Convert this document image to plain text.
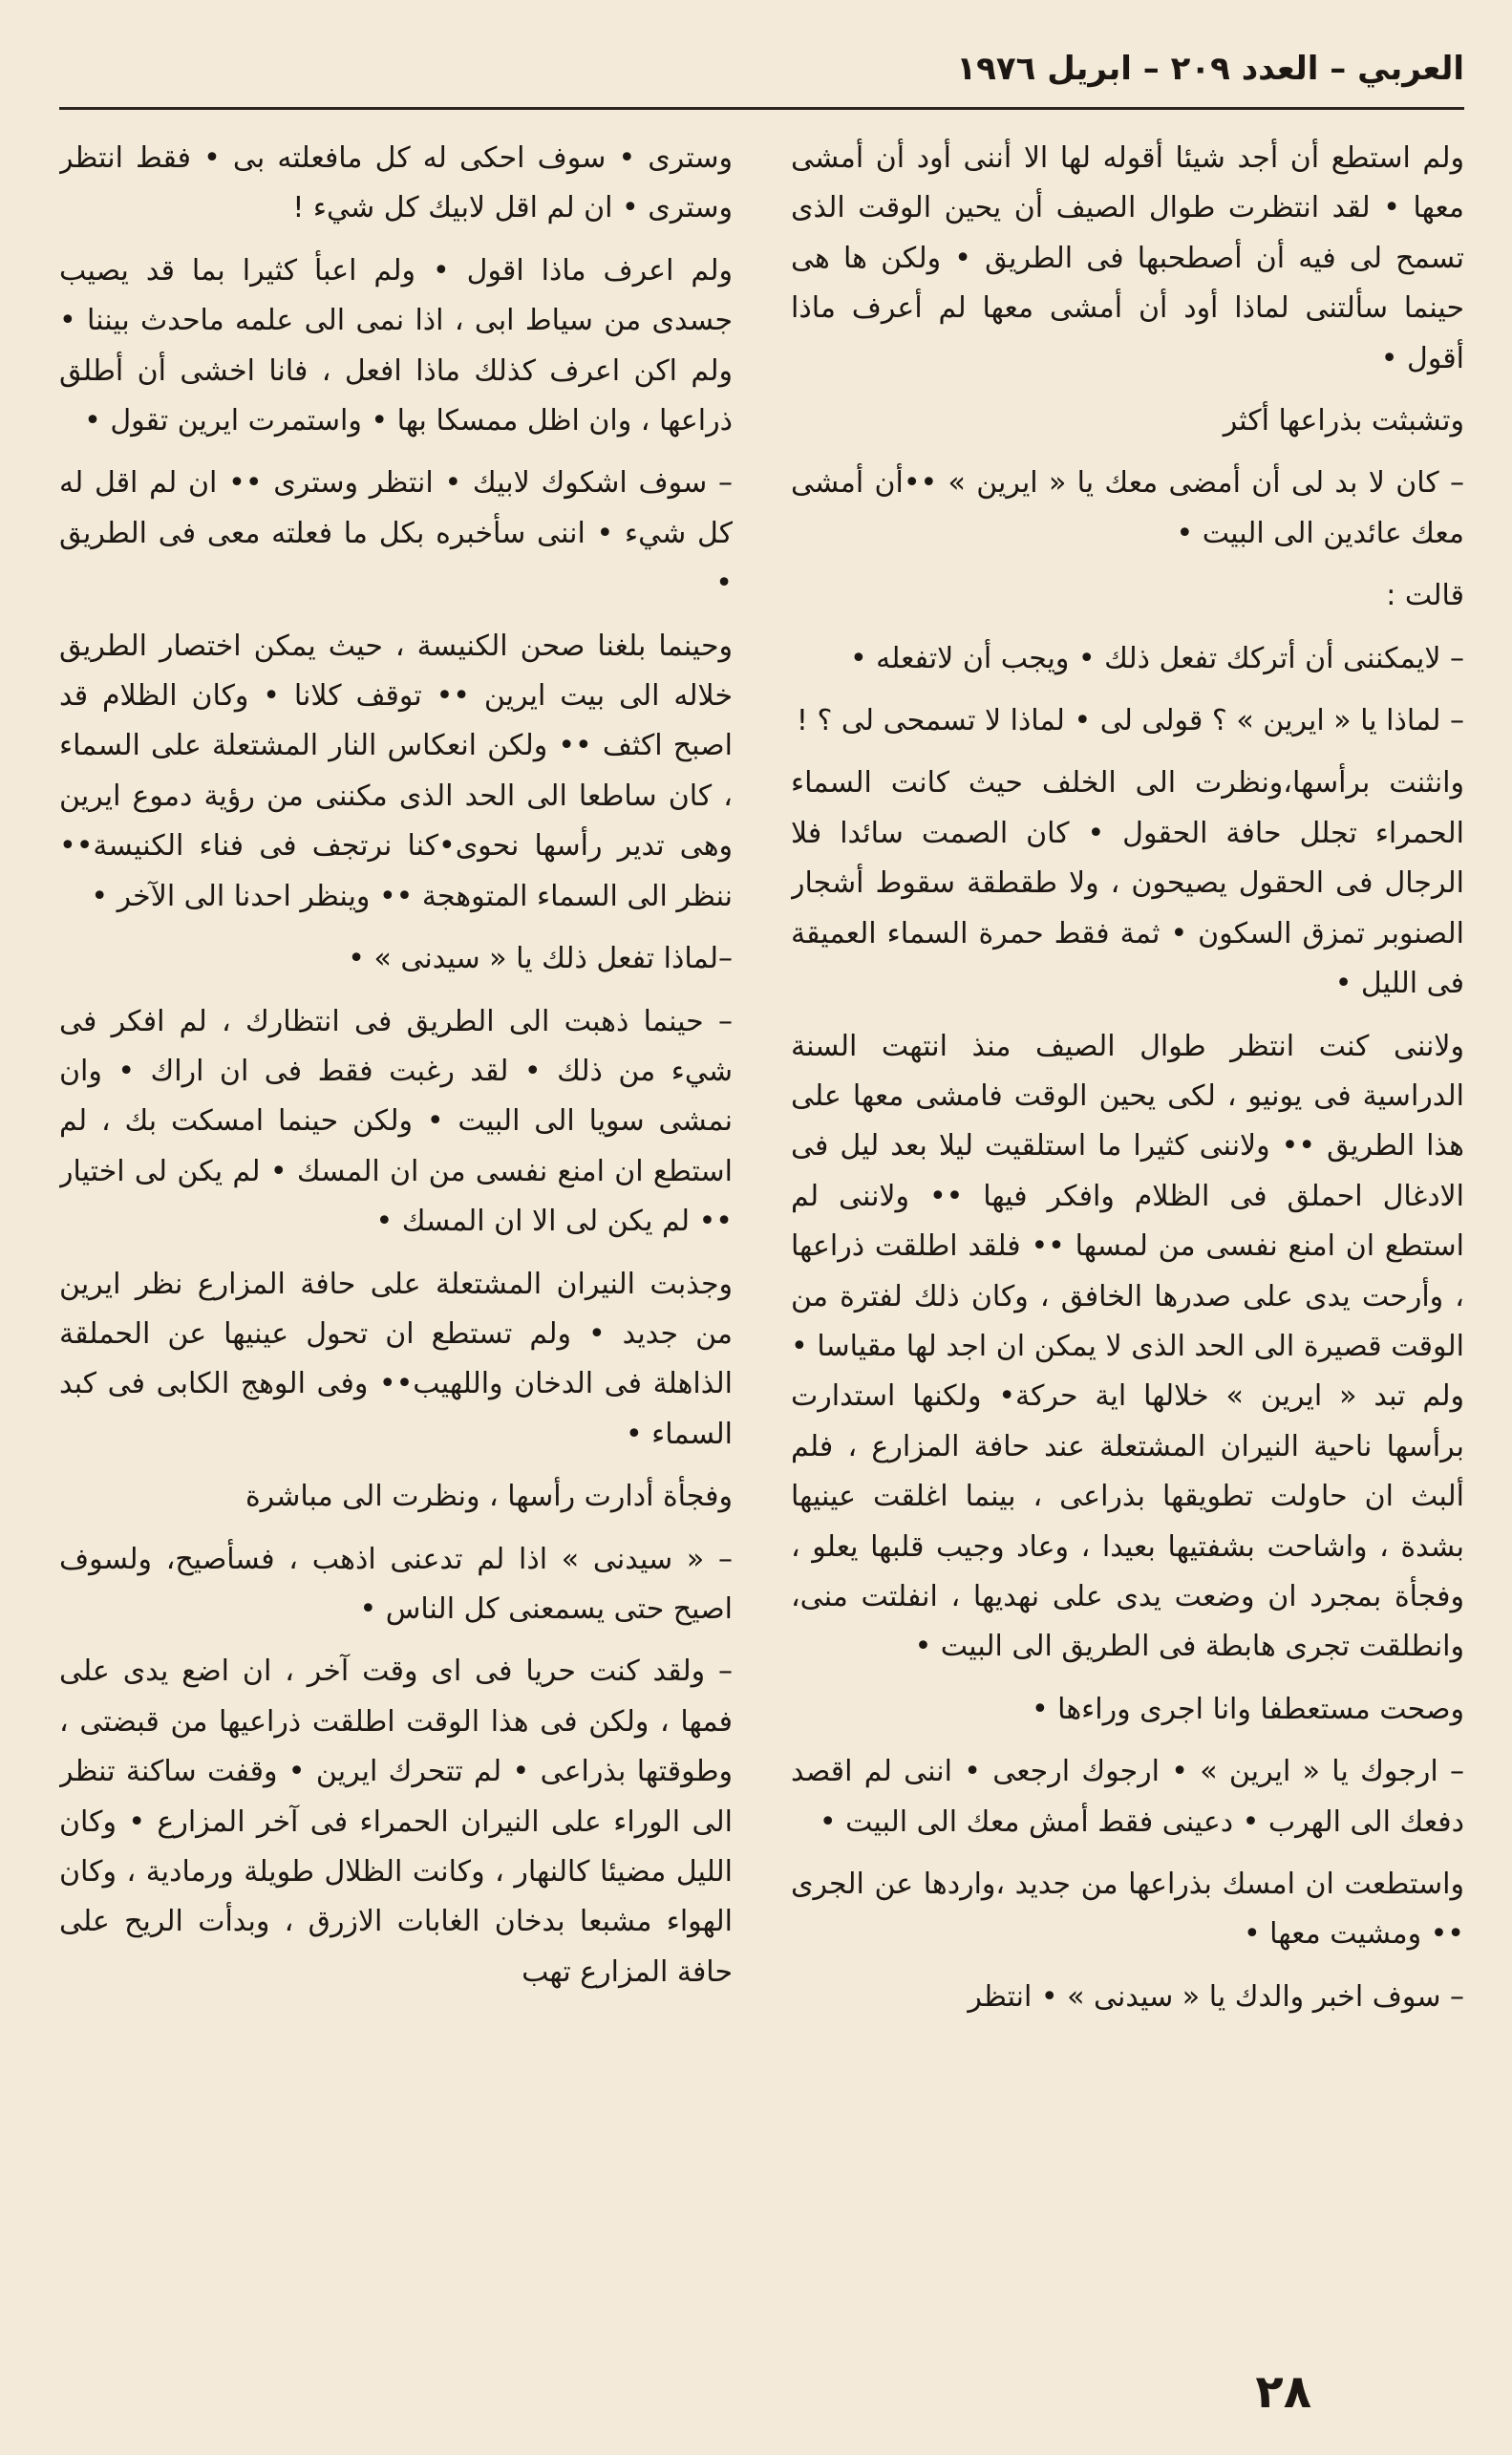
العربي – العدد ٢٠٩ – ابريل ١٩٧٦

ولم استطع أن أجد شيئا أقوله لها الا أننى أود أن أمشى معها • لقد انتظرت طوال الصيف أن يحين الوقت الذى تسمح لى فيه أن أصطحبها فى الطريق • ولكن ها هى حينما سألتنى لماذا أود أن أمشى معها لم أعرف ماذا أقول •

وتشبثت بذراعها أكثر

– كان لا بد لى أن أمضى معك يا « ايرين » ••أن أمشى معك عائدين الى البيت •

قالت :

– لايمكننى أن أتركك تفعل ذلك • ويجب أن لاتفعله •

– لماذا يا « ايرين » ؟ قولى لى • لماذا لا تسمحى لى ؟ !

وانثنت برأسها،ونظرت الى الخلف حيث كانت السماء الحمراء تجلل حافة الحقول • كان الصمت سائدا فلا الرجال فى الحقول يصيحون ، ولا طقطقة سقوط أشجار الصنوبر تمزق السكون • ثمة فقط حمرة السماء العميقة فى الليل •

ولاننى كنت انتظر طوال الصيف منذ انتهت السنة الدراسية فى يونيو ، لكى يحين الوقت فامشى معها على هذا الطريق •• ولاننى كثيرا ما استلقيت ليلا بعد ليل فى الادغال احملق فى الظلام وافكر فيها •• ولاننى لم استطع ان امنع نفسى من لمسها •• فلقد اطلقت ذراعها ، وأرحت يدى على صدرها الخافق ، وكان ذلك لفترة من الوقت قصيرة الى الحد الذى لا يمكن ان اجد لها مقياسا • ولم تبد « ايرين » خلالها اية حركة• ولكنها استدارت برأسها ناحية النيران المشتعلة عند حافة المزارع ، فلم ألبث ان حاولت تطويقها بذراعى ، بينما اغلقت عينيها بشدة ، واشاحت بشفتيها بعيدا ، وعاد وجيب قلبها يعلو ، وفجأة بمجرد ان وضعت يدى على نهديها ، انفلتت منى، وانطلقت تجرى هابطة فى الطريق الى البيت •

وصحت مستعطفا وانا اجرى وراءها •

– ارجوك يا « ايرين » • ارجوك ارجعى • اننى لم اقصد دفعك الى الهرب • دعينى فقط أمش معك الى البيت •

واستطعت ان امسك بذراعها من جديد ،واردها عن الجرى •• ومشيت معها •

– سوف اخبر والدك يا « سيدنى » • انتظر

وسترى • سوف احكى له كل مافعلته بى • فقط انتظر وسترى • ان لم اقل لابيك كل شيء !

ولم اعرف ماذا اقول • ولم اعبأ كثيرا بما قد يصيب جسدى من سياط ابى ، اذا نمى الى علمه ماحدث بيننا • ولم اكن اعرف كذلك ماذا افعل ، فانا اخشى أن أطلق ذراعها ، وان اظل ممسكا بها • واستمرت ايرين تقول •

– سوف اشكوك لابيك • انتظر وسترى •• ان لم اقل له كل شيء • اننى سأخبره بكل ما فعلته معى فى الطريق •

وحينما بلغنا صحن الكنيسة ، حيث يمكن اختصار الطريق خلاله الى بيت ايرين •• توقف كلانا • وكان الظلام قد اصبح اكثف •• ولكن انعكاس النار المشتعلة على السماء ، كان ساطعا الى الحد الذى مكننى من رؤية دموع ايرين وهى تدير رأسها نحوى•كنا نرتجف فى فناء الكنيسة•• ننظر الى السماء المتوهجة •• وينظر احدنا الى الآخر •

–لماذا تفعل ذلك يا « سيدنى » •

– حينما ذهبت الى الطريق فى انتظارك ، لم افكر فى شيء من ذلك • لقد رغبت فقط فى ان اراك • وان نمشى سويا الى البيت • ولكن حينما امسكت بك ، لم استطع ان امنع نفسى من ان المسك • لم يكن لى اختيار •• لم يكن لى الا ان المسك •

وجذبت النيران المشتعلة على حافة المزارع نظر ايرين من جديد • ولم تستطع ان تحول عينيها عن الحملقة الذاهلة فى الدخان واللهيب•• وفى الوهج الكابى فى كبد السماء •

وفجأة أدارت رأسها ، ونظرت الى مباشرة

– « سيدنى » اذا لم تدعنى اذهب ، فسأصيح، ولسوف اصيح حتى يسمعنى كل الناس •

– ولقد كنت حريا فى اى وقت آخر ، ان اضع يدى على فمها ، ولكن فى هذا الوقت اطلقت ذراعيها من قبضتى ، وطوقتها بذراعى • لم تتحرك ايرين • وقفت ساكنة تنظر الى الوراء على النيران الحمراء فى آخر المزارع • وكان الليل مضيئا كالنهار ، وكانت الظلال طويلة ورمادية ، وكان الهواء مشبعا بدخان الغابات الازرق ، وبدأت الريح على حافة المزارع تهب

٢٨
